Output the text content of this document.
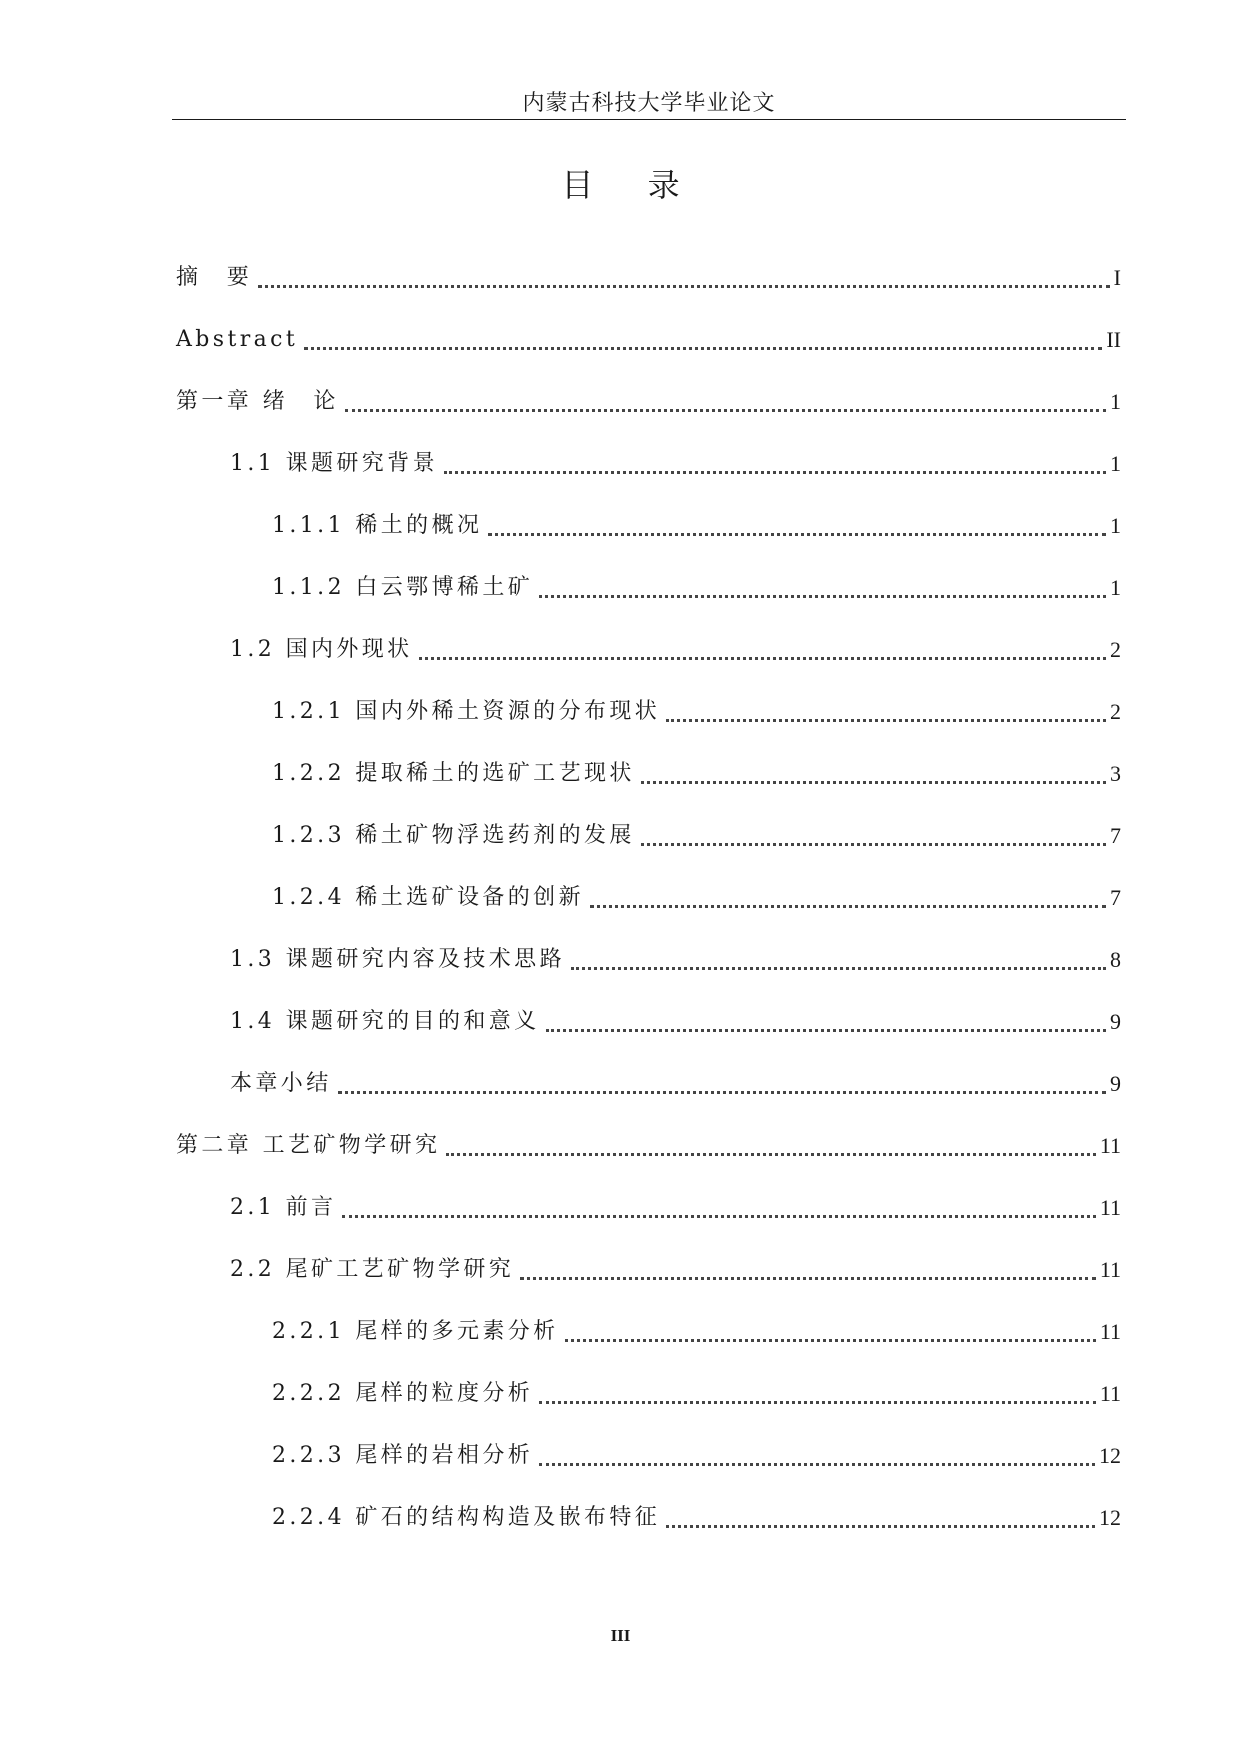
内蒙古科技大学毕业论文
目 录
摘　要	I
Abstract	II
第一章 绪　论	1
1.1 课题研究背景	1
1.1.1 稀土的概况	1
1.1.2 白云鄂博稀土矿	1
1.2 国内外现状	2
1.2.1 国内外稀土资源的分布现状	2
1.2.2 提取稀土的选矿工艺现状	3
1.2.3 稀土矿物浮选药剂的发展	7
1.2.4 稀土选矿设备的创新	7
1.3 课题研究内容及技术思路	8
1.4 课题研究的目的和意义	9
本章小结	9
第二章 工艺矿物学研究	11
2.1 前言	11
2.2 尾矿工艺矿物学研究	11
2.2.1 尾样的多元素分析	11
2.2.2 尾样的粒度分析	11
2.2.3 尾样的岩相分析	12
2.2.4 矿石的结构构造及嵌布特征	12
III
